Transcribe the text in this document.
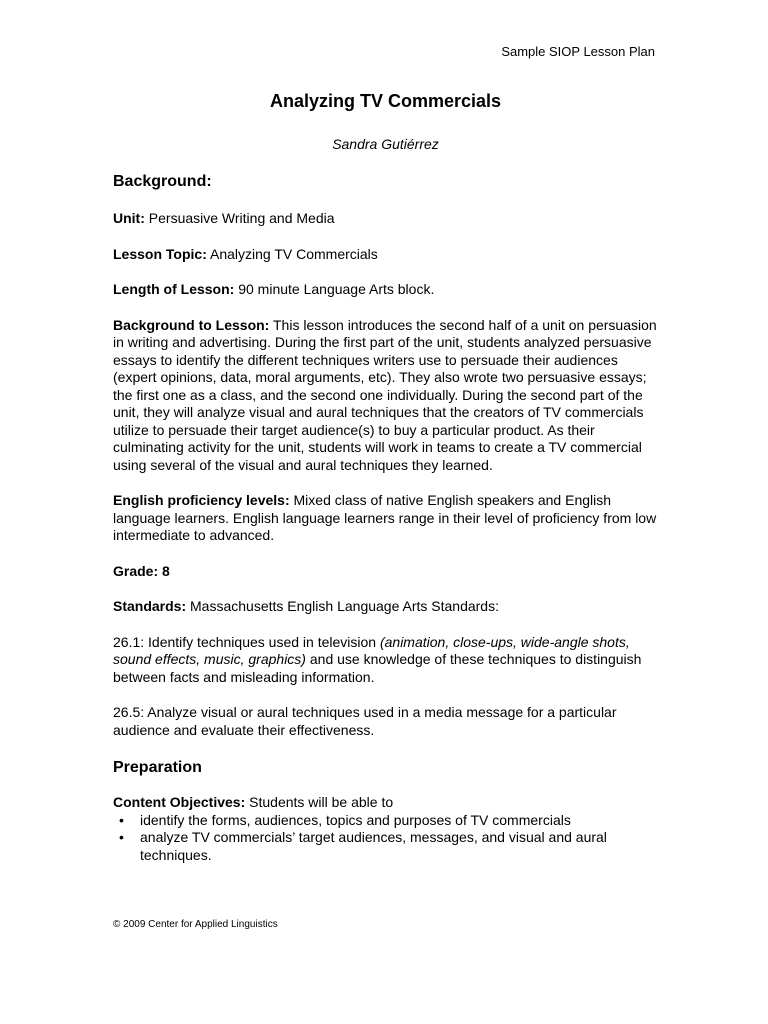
Sample SIOP Lesson Plan
Analyzing TV Commercials
Sandra Gutiérrez
Background:

Unit: Persuasive Writing and Media

Lesson Topic: Analyzing TV Commercials

Length of Lesson: 90 minute Language Arts block.

Background to Lesson: This lesson introduces the second half of a unit on persuasion in writing and advertising. During the first part of the unit, students analyzed persuasive essays to identify the different techniques writers use to persuade their audiences (expert opinions, data, moral arguments, etc). They also wrote two persuasive essays; the first one as a class, and the second one individually. During the second part of the unit, they will analyze visual and aural techniques that the creators of TV commercials utilize to persuade their target audience(s) to buy a particular product. As their culminating activity for the unit, students will work in teams to create a TV commercial using several of the visual and aural techniques they learned.

English proficiency levels: Mixed class of native English speakers and English language learners. English language learners range in their level of proficiency from low intermediate to advanced.

Grade: 8

Standards: Massachusetts English Language Arts Standards:

26.1: Identify techniques used in television (animation, close-ups, wide-angle shots, sound effects, music, graphics) and use knowledge of these techniques to distinguish between facts and misleading information.

26.5: Analyze visual or aural techniques used in a media message for a particular audience and evaluate their effectiveness.

Preparation

Content Objectives: Students will be able to

• identify the forms, audiences, topics and purposes of TV commercials
• analyze TV commercials’ target audiences, messages, and visual and aural techniques.
© 2009 Center for Applied Linguistics
